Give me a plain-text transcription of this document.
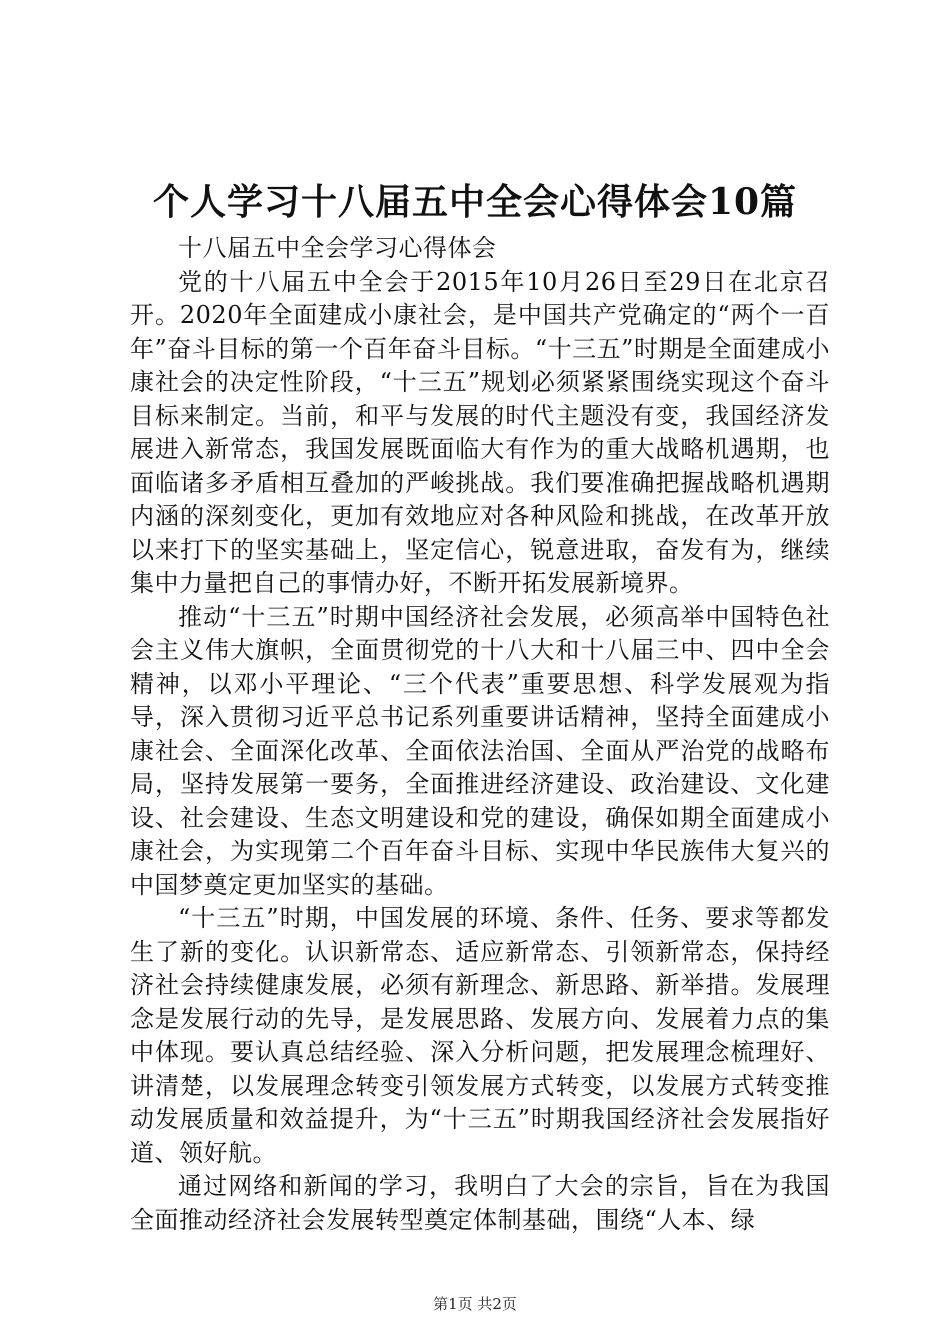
个人学习十八届五中全会心得体会10篇

十八届五中全会学习心得体会

党的十八届五中全会于2015年10月26日至29日在北京召开。2020年全面建成小康社会，是中国共产党确定的“两个一百年”奋斗目标的第一个百年奋斗目标。“十三五”时期是全面建成小康社会的决定性阶段，“十三五”规划必须紧紧围绕实现这个奋斗目标来制定。当前，和平与发展的时代主题没有变，我国经济发展进入新常态，我国发展既面临大有作为的重大战略机遇期，也面临诸多矛盾相互叠加的严峻挑战。我们要准确把握战略机遇期内涵的深刻变化，更加有效地应对各种风险和挑战，在改革开放以来打下的坚实基础上，坚定信心，锐意进取，奋发有为，继续集中力量把自己的事情办好，不断开拓发展新境界。

推动“十三五”时期中国经济社会发展，必须高举中国特色社会主义伟大旗帜，全面贯彻党的十八大和十八届三中、四中全会精神，以邓小平理论、“三个代表”重要思想、科学发展观为指导，深入贯彻习近平总书记系列重要讲话精神，坚持全面建成小康社会、全面深化改革、全面依法治国、全面从严治党的战略布局，坚持发展第一要务，全面推进经济建设、政治建设、文化建设、社会建设、生态文明建设和党的建设，确保如期全面建成小康社会，为实现第二个百年奋斗目标、实现中华民族伟大复兴的中国梦奠定更加坚实的基础。

“十三五”时期，中国发展的环境、条件、任务、要求等都发生了新的变化。认识新常态、适应新常态、引领新常态，保持经济社会持续健康发展，必须有新理念、新思路、新举措。发展理念是发展行动的先导，是发展思路、发展方向、发展着力点的集中体现。要认真总结经验、深入分析问题，把发展理念梳理好、讲清楚，以发展理念转变引领发展方式转变，以发展方式转变推动发展质量和效益提升，为“十三五”时期我国经济社会发展指好道、领好航。

通过网络和新闻的学习，我明白了大会的宗旨，旨在为我国全面推动经济社会发展转型奠定体制基础，围绕“人本、绿

第1页 共2页
